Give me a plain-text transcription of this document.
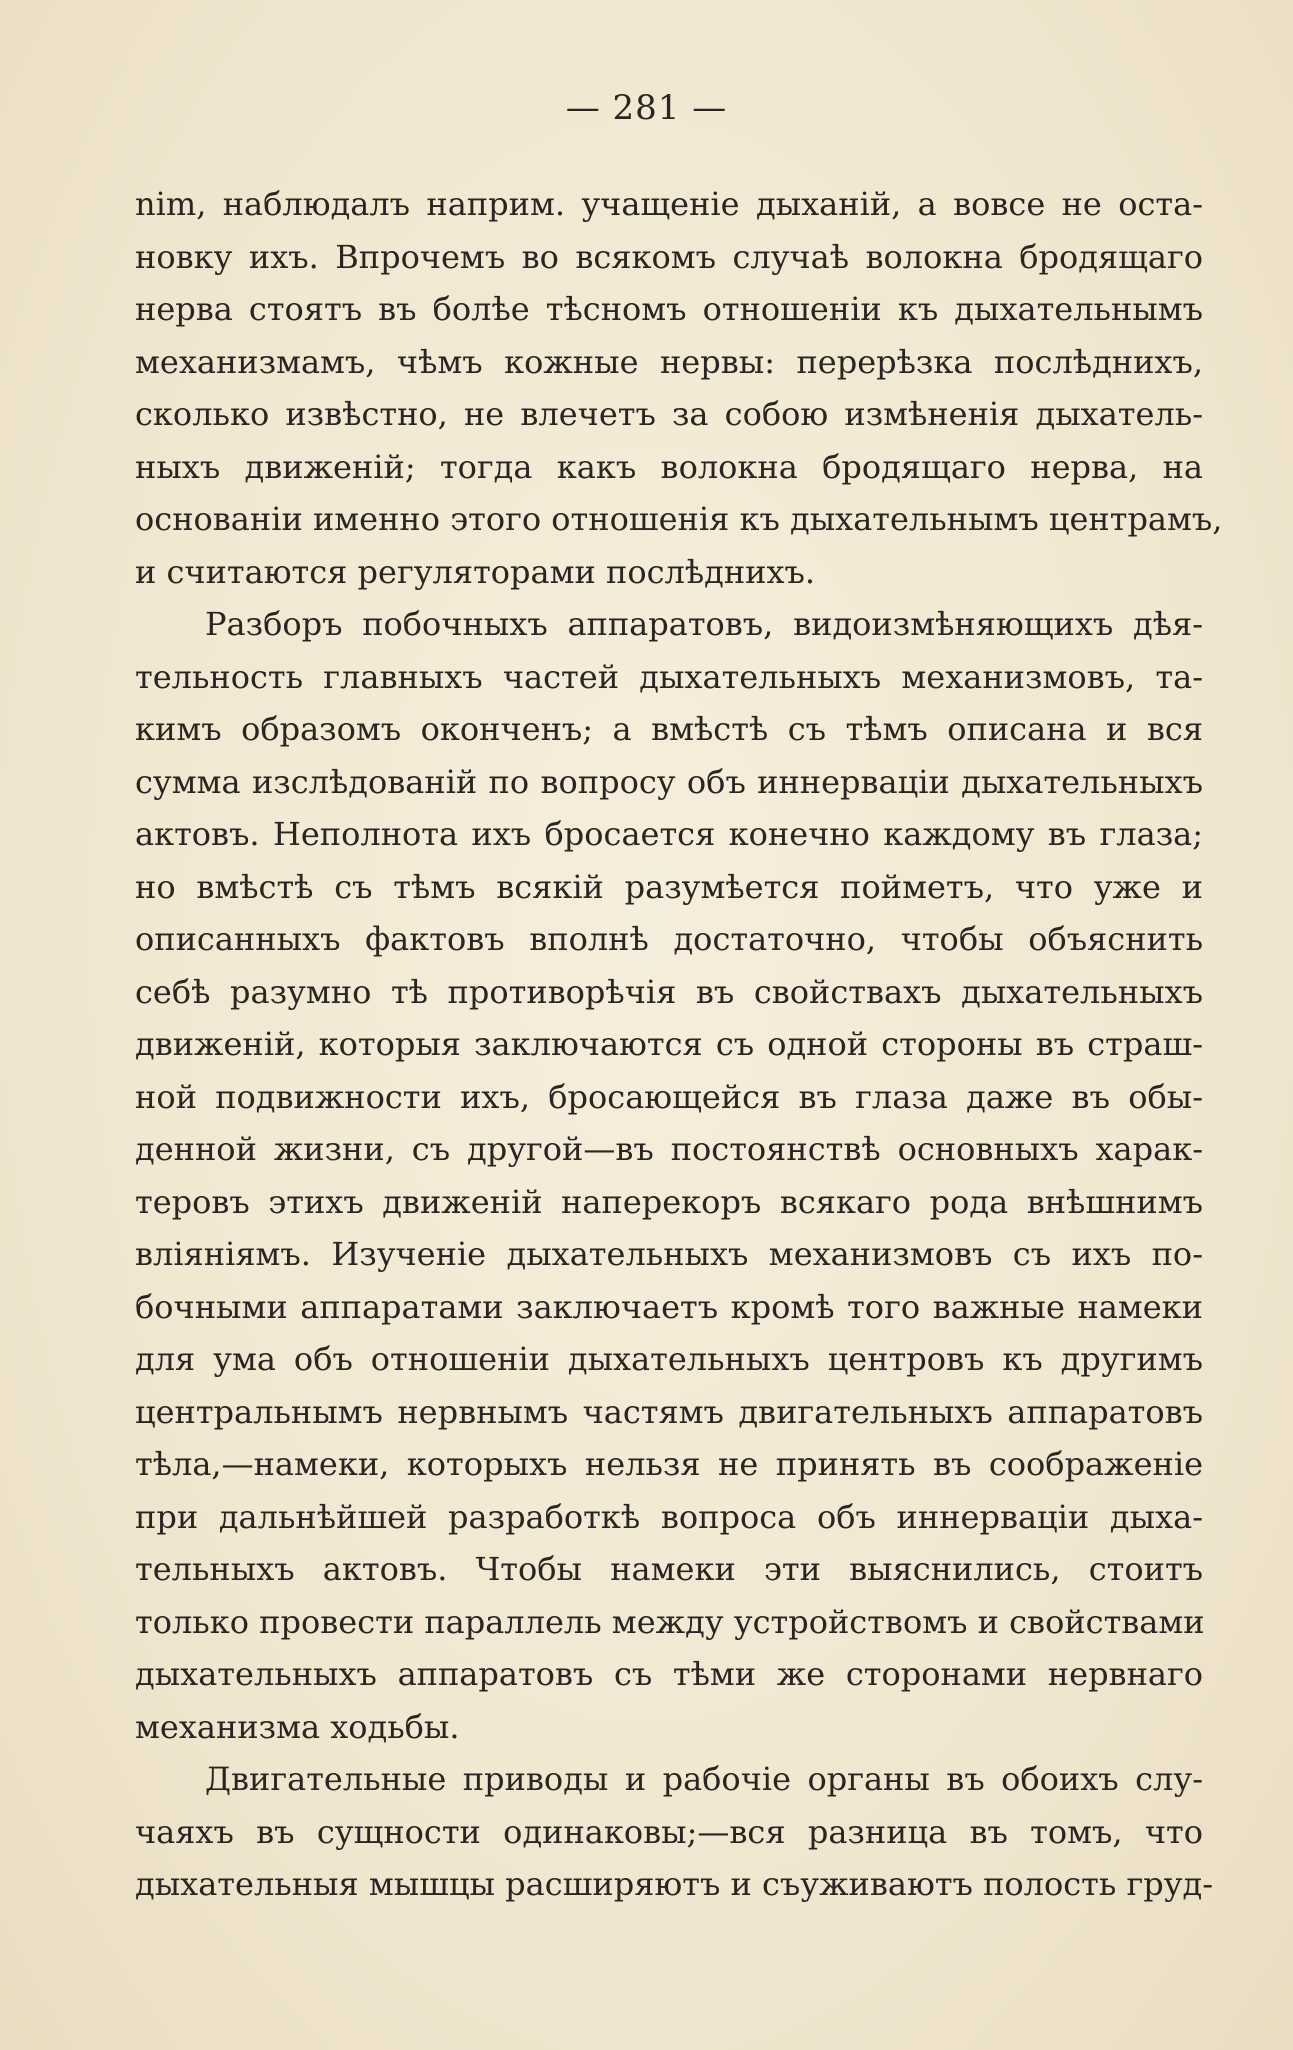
— 281 —
nim, наблюдалъ наприм. учащеніе дыханій, а вовсе не оста-
новку ихъ. Впрочемъ во всякомъ случаѣ волокна бродящаго
нерва стоятъ въ болѣе тѣсномъ отношеніи къ дыхательнымъ
механизмамъ, чѣмъ кожные нервы: перерѣзка послѣднихъ,
сколько извѣстно, не влечетъ за собою измѣненія дыхатель-
ныхъ движеній; тогда какъ волокна бродящаго нерва, на
основаніи именно этого отношенія къ дыхательнымъ центрамъ,
и считаются регуляторами послѣднихъ.
Разборъ побочныхъ аппаратовъ, видоизмѣняющихъ дѣя-
тельность главныхъ частей дыхательныхъ механизмовъ, та-
кимъ образомъ оконченъ; а вмѣстѣ съ тѣмъ описана и вся
сумма изслѣдованій по вопросу объ иннерваціи дыхательныхъ
актовъ. Неполнота ихъ бросается конечно каждому въ глаза;
но вмѣстѣ съ тѣмъ всякій разумѣется пойметъ, что уже и
описанныхъ фактовъ вполнѣ достаточно, чтобы объяснить
себѣ разумно тѣ противорѣчія въ свойствахъ дыхательныхъ
движеній, которыя заключаются съ одной стороны въ страш-
ной подвижности ихъ, бросающейся въ глаза даже въ обы-
денной жизни, съ другой—въ постоянствѣ основныхъ харак-
теровъ этихъ движеній наперекоръ всякаго рода внѣшнимъ
вліяніямъ. Изученіе дыхательныхъ механизмовъ съ ихъ по-
бочными аппаратами заключаетъ кромѣ того важные намеки
для ума объ отношеніи дыхательныхъ центровъ къ другимъ
центральнымъ нервнымъ частямъ двигательныхъ аппаратовъ
тѣла,—намеки, которыхъ нельзя не принять въ соображеніе
при дальнѣйшей разработкѣ вопроса объ иннерваціи дыха-
тельныхъ актовъ. Чтобы намеки эти выяснились, стоитъ
только провести параллель между устройствомъ и свойствами
дыхательныхъ аппаратовъ съ тѣми же сторонами нервнаго
механизма ходьбы.
Двигательные приводы и рабочіе органы въ обоихъ слу-
чаяхъ въ сущности одинаковы;—вся разница въ томъ, что
дыхательныя мышцы расширяютъ и съуживаютъ полость груд-
